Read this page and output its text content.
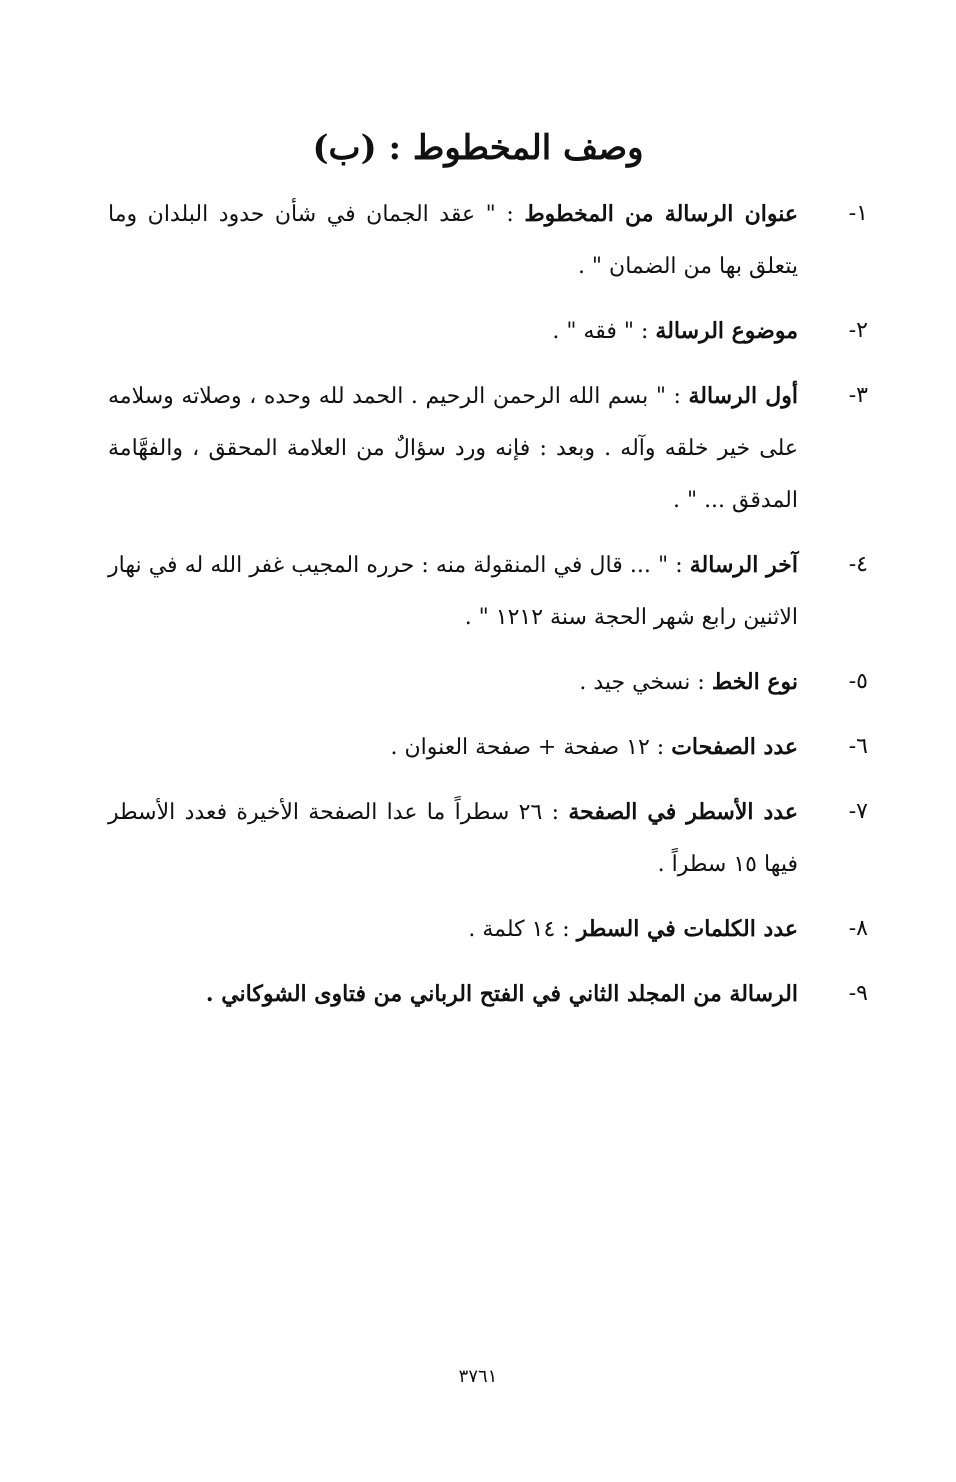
وصف المخطوط : (ب)
١-
عنوان الرسالة من المخطوط : " عقد الجمان في شأن حدود البلدان وما يتعلق بها من الضمان " .
٢-
موضوع الرسالة : " فقه " .
٣-
أول الرسالة : " بسم الله الرحمن الرحيم . الحمد لله وحده ، وصلاته وسلامه على خير خلقه وآله . وبعد : فإنه ورد سؤالٌ من العلامة المحقق ، والفهَّامة المدقق ... " .
٤-
آخر الرسالة : " ... قال في المنقولة منه : حرره المجيب غفر الله له في نهار الاثنين رابع شهر الحجة سنة ١٢١٢ " .
٥-
نوع الخط : نسخي جيد .
٦-
عدد الصفحات : ١٢ صفحة + صفحة العنوان .
٧-
عدد الأسطر في الصفحة : ٢٦ سطراً ما عدا الصفحة الأخيرة فعدد الأسطر فيها ١٥ سطراً .
٨-
عدد الكلمات في السطر : ١٤ كلمة .
٩-
الرسالة من المجلد الثاني في الفتح الرباني من فتاوى الشوكاني .
٣٧٦١
